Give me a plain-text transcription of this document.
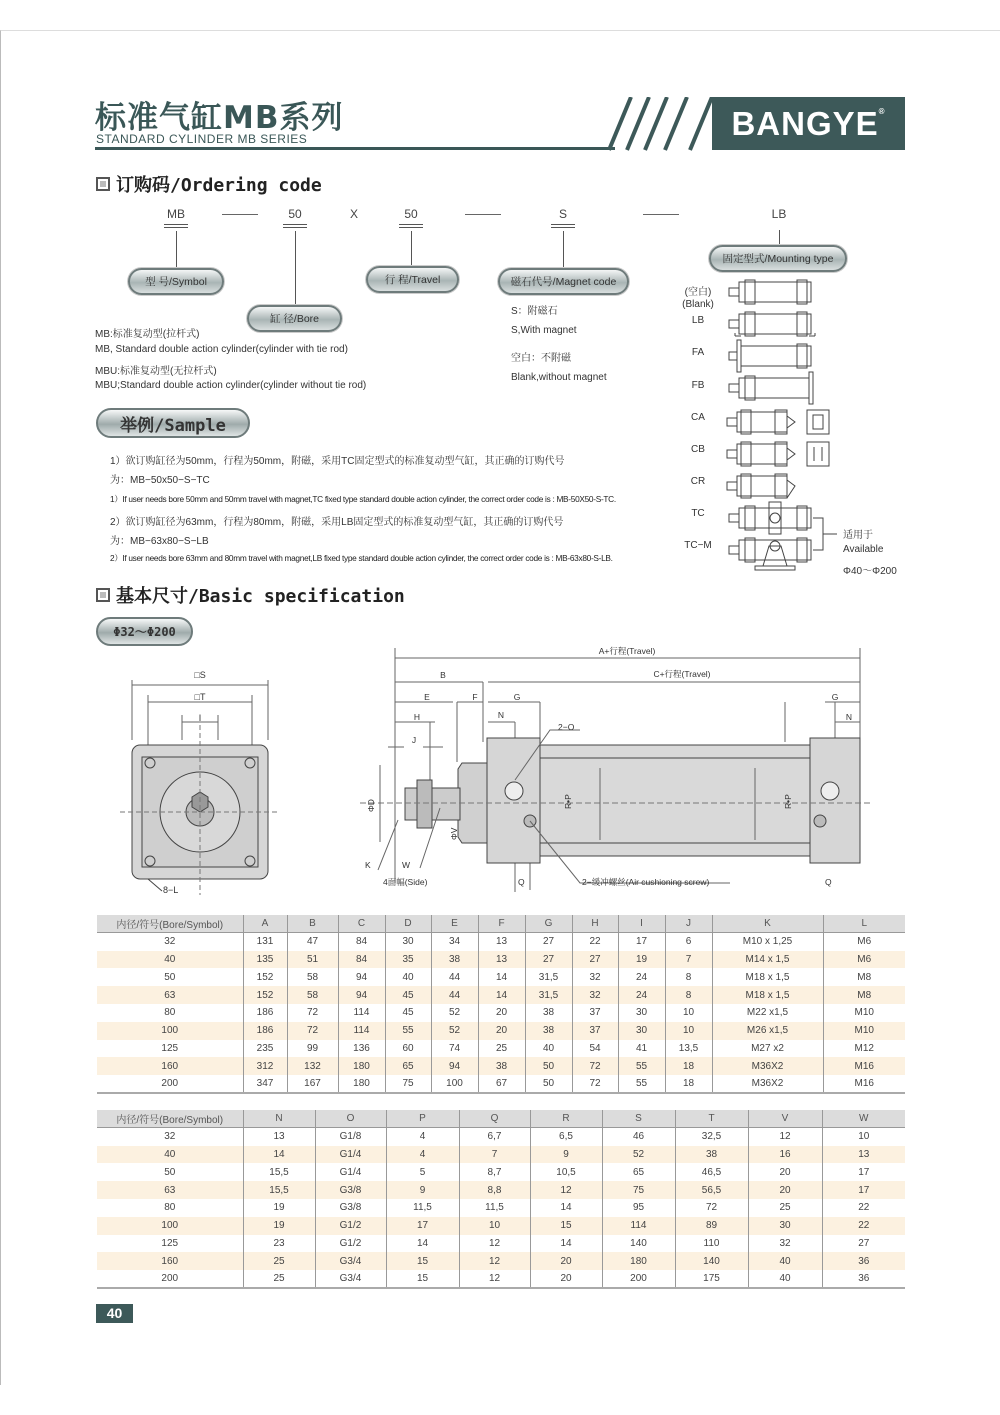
标准气缸MB系列
STANDARD CYLINDER MB SERIES	BANGYE®
订购码/Ordering code
MB	50	X	50	S	LB
型 号/Symbol
缸 径/Bore
行 程/Travel	磁石代号/Magnet code
固定型式/Mounting type
MB:标准复动型(拉杆式)
MB, Standard double action cylinder(cylinder with tie rod)
MBU:标准复动型(无拉杆式)
MBU;Standard double action cylinder(cylinder without tie rod)
S：附磁石
S,With magnet
空白：不附磁
Blank,without magnet
(空白)
(Blank)
LB
FA
FB
CA
CB
CR
TC
TC−M
适用于
Available
Φ40～Φ200
举例/Sample
1）欲订购缸径为50mm，行程为50mm，附磁，采用TC固定型式的标准复动型气缸，其正确的订购代号
为：MB−50x50−S−TC
1）If user needs bore 50mm and 50mm travel with magnet,TC fixed type standard double action cylinder, the correct order code is : MB-50X50-S-TC.
2）欲订购缸径为63mm，行程为80mm，附磁，采用LB固定型式的标准复动型气缸，其正确的订购代号
为：MB−63x80−S−LB
2）If user needs bore 63mm and 80mm travel with magnet,LB fixed type standard double action cylinder, the correct order code is : MB-63x80-S-LB.
基本尺寸/Basic specification
Φ32～Φ200
□S
□T
I
8−L
A+行程(Travel)
C+行程(Travel)
B
E	F	G	G
H	N	N
J
2−O
ΦD
ΦV
R•P	R•P
K	W
4面幅(Side)	Q	Q
2−缓冲螺丝(Air cushioning screw)
内径/符号(Bore/Symbol)	A	B	C	D	E	F	G	H	I	J	K	L
32	131	47	84	30	34	13	27	22	17	6	M10 x 1,25	M6
40	135	51	84	35	38	13	27	27	19	7	M14 x 1,5	M6
50	152	58	94	40	44	14	31,5	32	24	8	M18 x 1,5	M8
63	152	58	94	45	44	14	31,5	32	24	8	M18 x 1,5	M8
80	186	72	114	45	52	20	38	37	30	10	M22 x1,5	M10
100	186	72	114	55	52	20	38	37	30	10	M26 x1,5	M10
125	235	99	136	60	74	25	40	54	41	13,5	M27 x2	M12
160	312	132	180	65	94	38	50	72	55	18	M36X2	M16
200	347	167	180	75	100	67	50	72	55	18	M36X2	M16
内径/符号(Bore/Symbol)	N	O	P	Q	R	S	T	V	W
32	13	G1/8	4	6,7	6,5	46	32,5	12	10
40	14	G1/4	4	7	9	52	38	16	13
50	15,5	G1/4	5	8,7	10,5	65	46,5	20	17
63	15,5	G3/8	9	8,8	12	75	56,5	20	17
80	19	G3/8	11,5	11,5	14	95	72	25	22
100	19	G1/2	17	10	15	114	89	30	22
125	23	G1/2	14	12	14	140	110	32	27
160	25	G3/4	15	12	20	180	140	40	36
200	25	G3/4	15	12	20	200	175	40	36
40
